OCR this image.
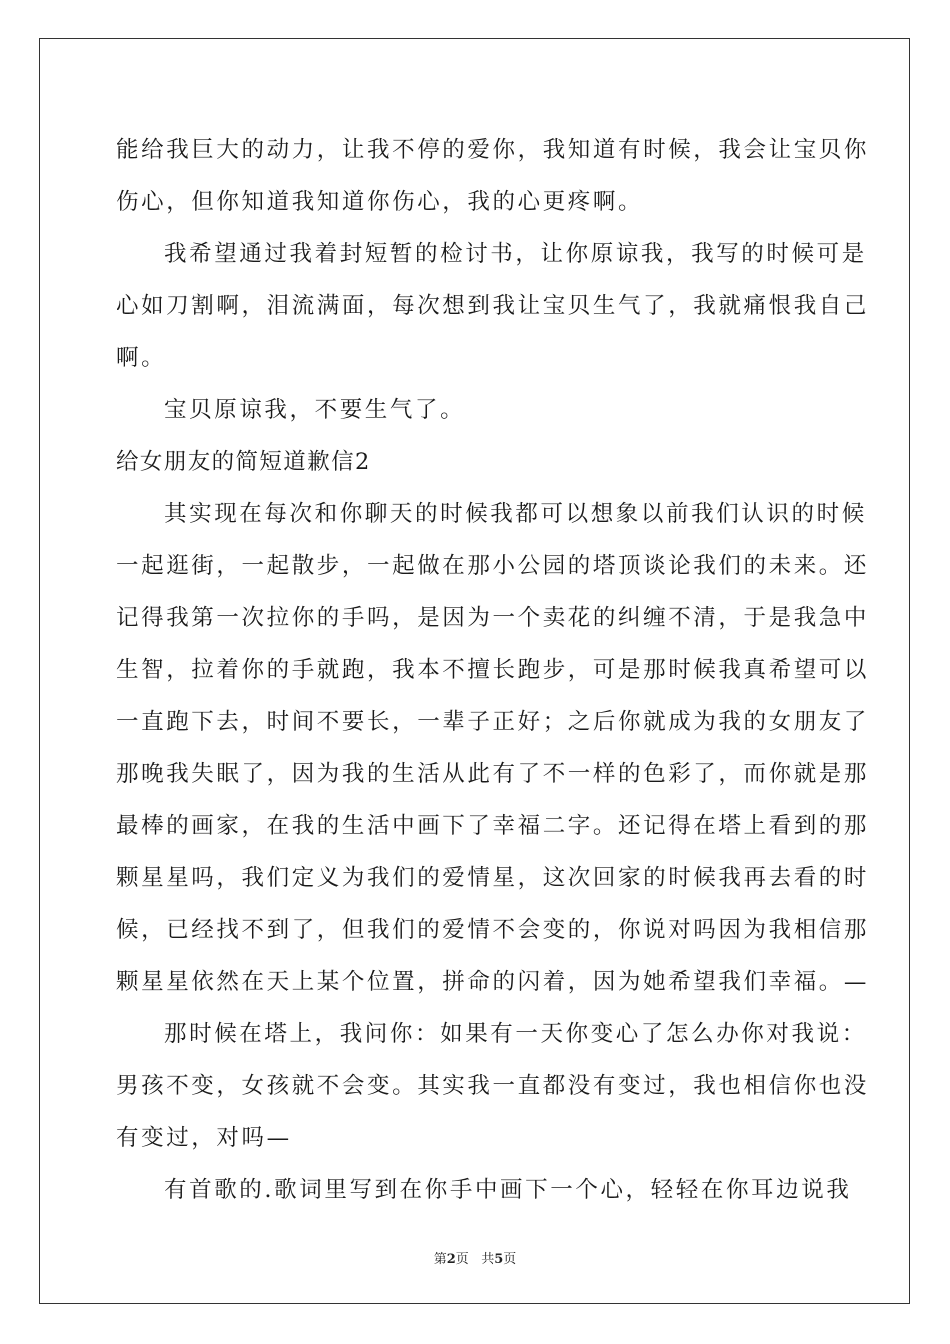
能给我巨大的动力，让我不停的爱你，我知道有时候，我会让宝贝你
伤心，但你知道我知道你伤心，我的心更疼啊。
我希望通过我着封短暂的检讨书，让你原谅我，我写的时候可是
心如刀割啊，泪流满面，每次想到我让宝贝生气了，我就痛恨我自己
啊。
宝贝原谅我，不要生气了。
给女朋友的简短道歉信2
其实现在每次和你聊天的时候我都可以想象以前我们认识的时候
一起逛街，一起散步，一起做在那小公园的塔顶谈论我们的未来。还
记得我第一次拉你的手吗，是因为一个卖花的纠缠不清，于是我急中
生智，拉着你的手就跑，我本不擅长跑步，可是那时候我真希望可以
一直跑下去，时间不要长，一辈子正好；之后你就成为我的女朋友了
那晚我失眠了，因为我的生活从此有了不一样的色彩了，而你就是那
最棒的画家，在我的生活中画下了幸福二字。还记得在塔上看到的那
颗星星吗，我们定义为我们的爱情星，这次回家的时候我再去看的时
候，已经找不到了，但我们的爱情不会变的，你说对吗因为我相信那
颗星星依然在天上某个位置，拼命的闪着，因为她希望我们幸福。—
那时候在塔上，我问你：如果有一天你变心了怎么办你对我说：
男孩不变，女孩就不会变。其实我一直都没有变过，我也相信你也没
有变过，对吗—
有首歌的.歌词里写到在你手中画下一个心，轻轻在你耳边说我
第2页 共5页
